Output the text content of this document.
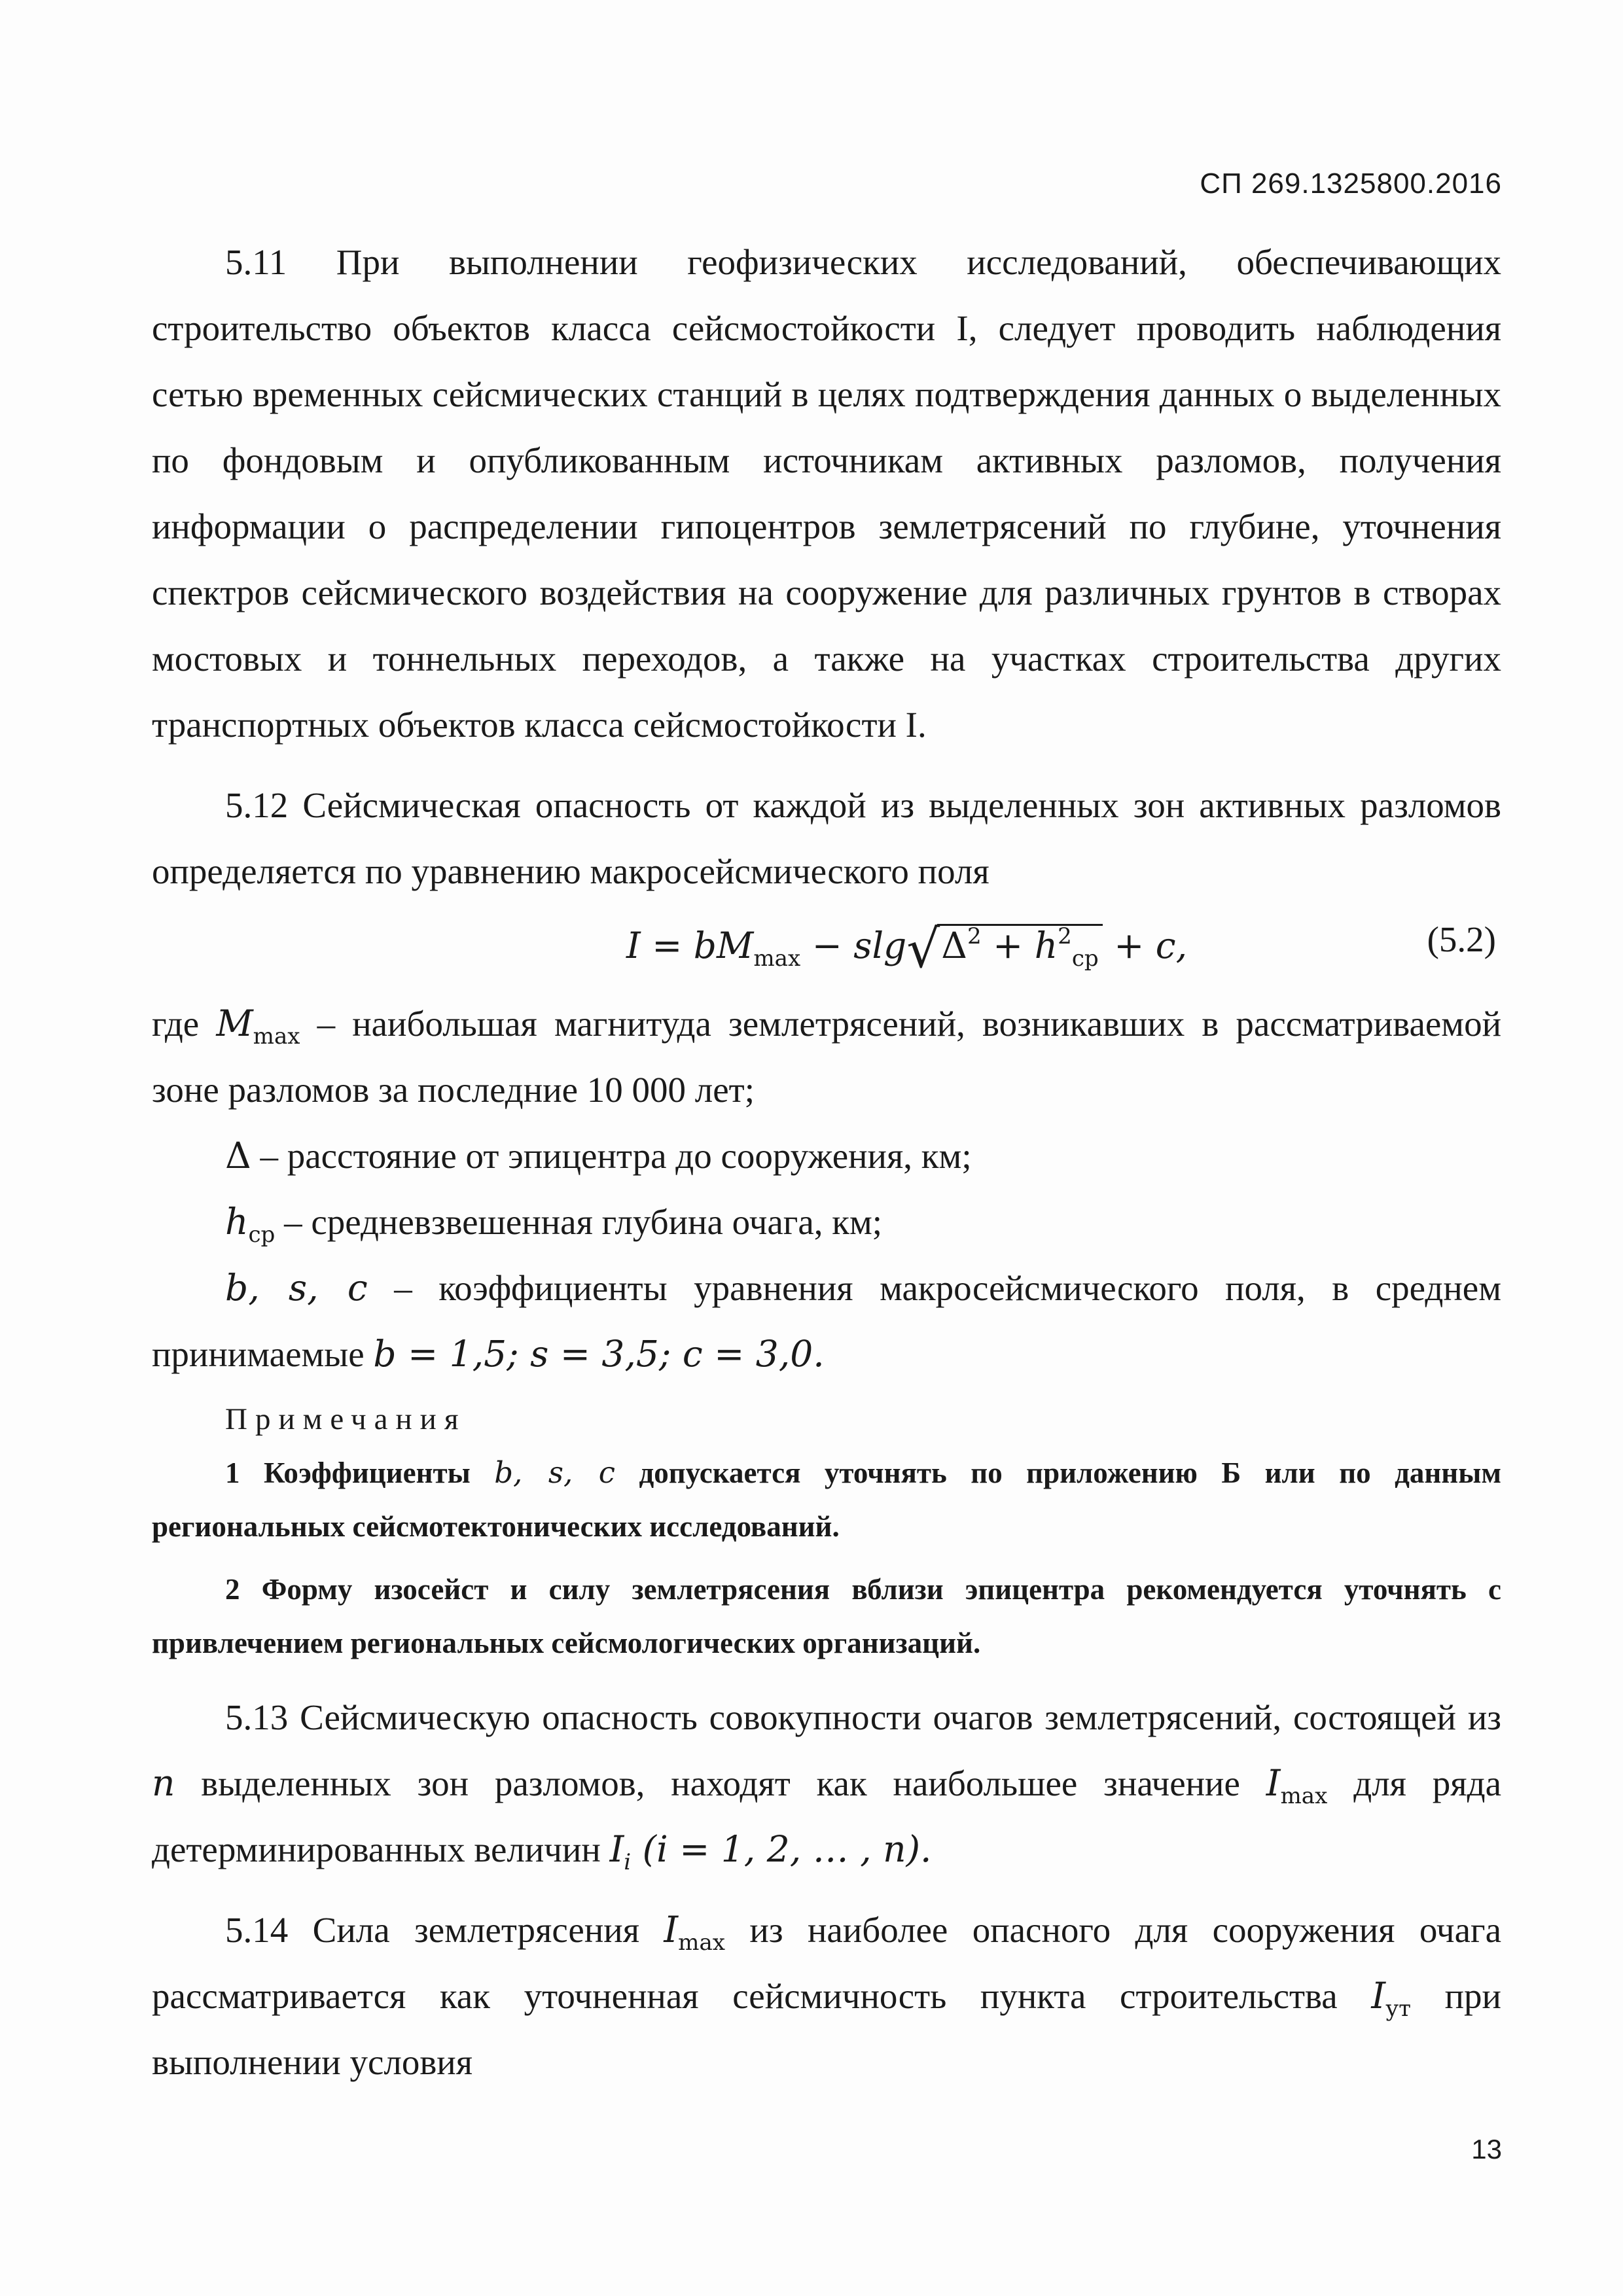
СП 269.1325800.2016

5.11 При выполнении геофизических исследований, обеспечивающих строительство объектов класса сейсмостойкости I, следует проводить наблюдения сетью временных сейсмических станций в целях подтверждения данных о выделенных по фондовым и опубликованным источникам активных разломов, получения информации о распределении гипоцентров землетрясений по глубине, уточнения спектров сейсмического воздействия на сооружение для различных грунтов в створах мостовых и тоннельных переходов, а также на участках строительства других транспортных объектов класса сейсмостойкости I.

5.12 Сейсмическая опасность от каждой из выделенных зон активных разломов определяется по уравнению макросейсмического поля

$I = bM_{max} - slg√\Delta^2 + h^2_{ср} + c$,	(5.2)

где $M_{max}$ – наибольшая магнитуда землетрясений, возникавших в рассматриваемой зоне разломов за последние 10 000 лет;

Δ – расстояние от эпицентра до сооружения, км;

$h_{ср}$ – средневзвешенная глубина очага, км;

b, s, c – коэффициенты уравнения макросейсмического поля, в среднем принимаемые b = 1,5; s = 3,5; c = 3,0.

Примечания

1 Коэффициенты b, s, c допускается уточнять по приложению Б или по данным региональных сейсмотектонических исследований.

2 Форму изосейст и силу землетрясения вблизи эпицентра рекомендуется уточнять с привлечением региональных сейсмологических организаций.

5.13 Сейсмическую опасность совокупности очагов землетрясений, состоящей из n выделенных зон разломов, находят как наибольшее значение $I_{max}$ для ряда детерминированных величин $I_i$ (i = 1, 2, … , n).

5.14 Сила землетрясения $I_{max}$ из наиболее опасного для сооружения очага рассматривается как уточненная сейсмичность пункта строительства $I_{ут}$ при выполнении условия

13
